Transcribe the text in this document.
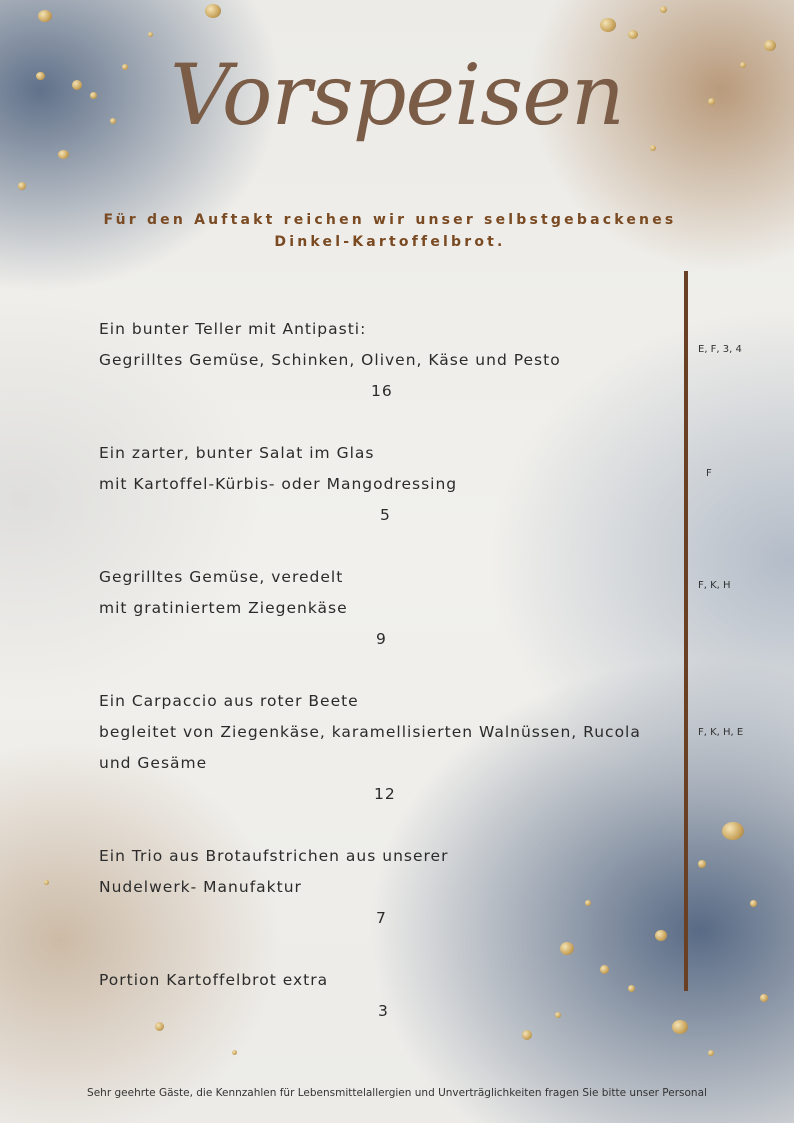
Vorspeisen
Für den Auftakt reichen wir unser selbstgebackenes
Dinkel-Kartoffelbrot.

Ein bunter Teller mit Antipasti:

Gegrilltes Gemüse, Schinken, Oliven, Käse und Pesto

16

E, F, 3, 4

Ein zarter, bunter Salat im Glas

mit Kartoffel-Kürbis- oder Mangodressing

5

F

Gegrilltes Gemüse, veredelt

mit gratiniertem Ziegenkäse

9

F, K, H

Ein Carpaccio aus roter Beete

begleitet von Ziegenkäse, karamellisierten Walnüssen, Rucola

und Gesäme

12

F, K, H, E

Ein Trio aus Brotaufstrichen aus unserer

Nudelwerk- Manufaktur

7

Portion Kartoffelbrot extra

3

Sehr geehrte Gäste, die Kennzahlen für Lebensmittelallergien und Unverträglichkeiten fragen Sie bitte unser Personal
